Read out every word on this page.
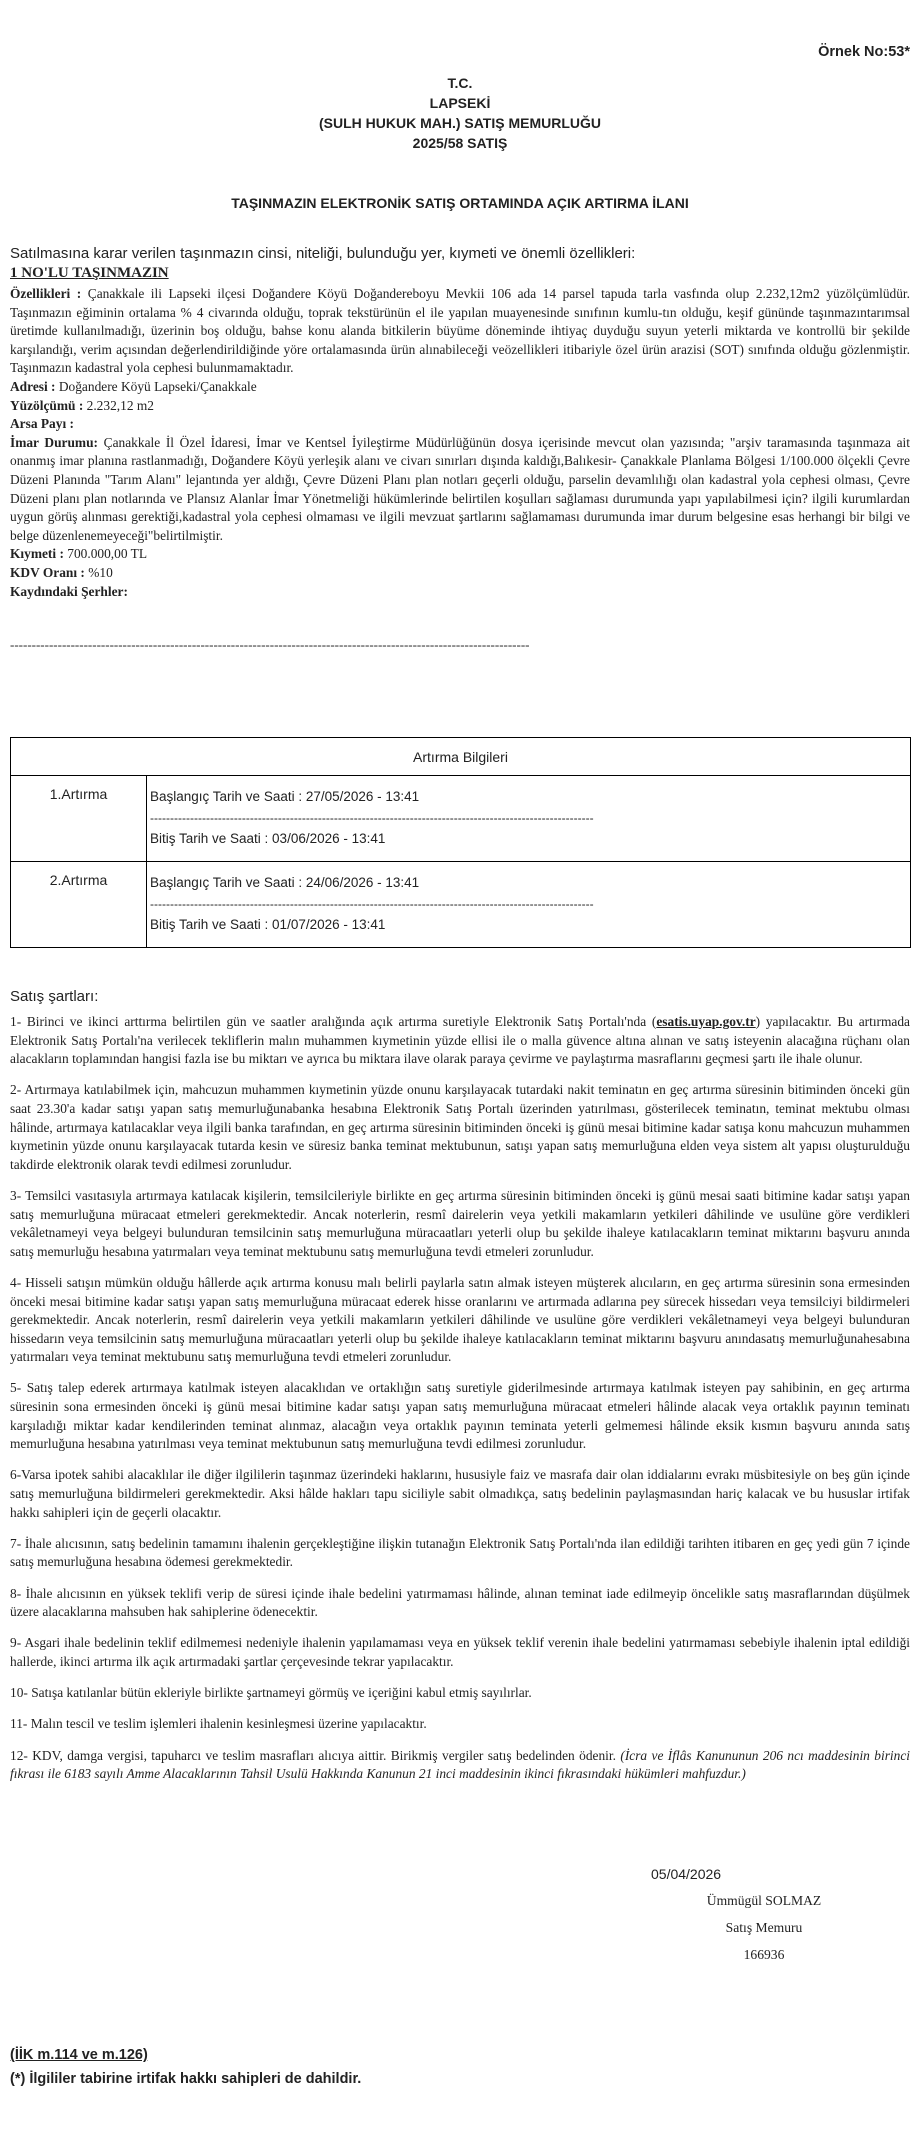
Örnek No:53*
T.C.
LAPSEKİ
(SULH HUKUK MAH.) SATIŞ MEMURLUĞU
2025/58 SATIŞ
TAŞINMAZIN ELEKTRONİK SATIŞ ORTAMINDA AÇIK ARTIRMA İLANI
Satılmasına karar verilen taşınmazın cinsi, niteliği, bulunduğu yer, kıymeti ve önemli özellikleri:
1 NO'LU TAŞINMAZIN

Özellikleri : Çanakkale ili Lapseki ilçesi Doğandere Köyü Doğandereboyu Mevkii 106 ada 14 parsel tapuda tarla vasfında olup 2.232,12m2 yüzölçümlüdür. Taşınmazın eğiminin ortalama % 4 civarında olduğu, toprak tekstürünün el ile yapılan muayenesinde sınıfının kumlu-tın olduğu, keşif gününde taşınmazıntarımsal üretimde kullanılmadığı, üzerinin boş olduğu, bahse konu alanda bitkilerin büyüme döneminde ihtiyaç duyduğu suyun yeterli miktarda ve kontrollü bir şekilde karşılandığı, verim açısından değerlendirildiğinde yöre ortalamasında ürün alınabileceği veözellikleri itibariyle özel ürün arazisi (SOT) sınıfında olduğu gözlenmiştir. Taşınmazın kadastral yola cephesi bulunmamaktadır.

Adresi : Doğandere Köyü Lapseki/Çanakkale

Yüzölçümü : 2.232,12 m2

Arsa Payı :

İmar Durumu: Çanakkale İl Özel İdaresi, İmar ve Kentsel İyileştirme Müdürlüğünün dosya içerisinde mevcut olan yazısında; "arşiv taramasında taşınmaza ait onanmış imar planına rastlanmadığı, Doğandere Köyü yerleşik alanı ve civarı sınırları dışında kaldığı,Balıkesir- Çanakkale Planlama Bölgesi 1/100.000 ölçekli Çevre Düzeni Planında "Tarım Alanı" lejantında yer aldığı, Çevre Düzeni Planı plan notları geçerli olduğu, parselin devamlılığı olan kadastral yola cephesi olması, Çevre Düzeni planı plan notlarında ve Plansız Alanlar İmar Yönetmeliği hükümlerinde belirtilen koşulları sağlaması durumunda yapı yapılabilmesi için? ilgili kurumlardan uygun görüş alınması gerektiği,kadastral yola cephesi olmaması ve ilgili mevzuat şartlarını sağlamaması durumunda imar durum belgesine esas herhangi bir bilgi ve belge düzenlenemeyeceği"belirtilmiştir.

Kıymeti : 700.000,00 TL

KDV Oranı : %10

Kaydındaki Şerhler:

------------------------------------------------------------------------------------------------------------------------
Artırma Bilgileri	
1.Artırma	Başlangıç Tarih ve Saati : 27/05/2026 - 13:41
---------------------------------------------------------------------------------------------------------------
Bitiş Tarih ve Saati : 03/06/2026 - 13:41

2.Artırma	Başlangıç Tarih ve Saati : 24/06/2026 - 13:41
---------------------------------------------------------------------------------------------------------------
Bitiş Tarih ve Saati : 01/07/2026 - 13:41
Satış şartları:

1- Birinci ve ikinci arttırma belirtilen gün ve saatler aralığında açık artırma suretiyle Elektronik Satış Portalı'nda (esatis.uyap.gov.tr) yapılacaktır. Bu artırmada Elektronik Satış Portalı'na verilecek tekliflerin malın muhammen kıymetinin yüzde ellisi ile o malla güvence altına alınan ve satış isteyenin alacağına rüçhanı olan alacakların toplamından hangisi fazla ise bu miktarı ve ayrıca bu miktara ilave olarak paraya çevirme ve paylaştırma masraflarını geçmesi şartı ile ihale olunur.

2- Artırmaya katılabilmek için, mahcuzun muhammen kıymetinin yüzde onunu karşılayacak tutardaki nakit teminatın en geç artırma süresinin bitiminden önceki gün saat 23.30'a kadar satışı yapan satış memurluğunabanka hesabına Elektronik Satış Portalı üzerinden yatırılması, gösterilecek teminatın, teminat mektubu olması hâlinde, artırmaya katılacaklar veya ilgili banka tarafından, en geç artırma süresinin bitiminden önceki iş günü mesai bitimine kadar satışa konu mahcuzun muhammen kıymetinin yüzde onunu karşılayacak tutarda kesin ve süresiz banka teminat mektubunun, satışı yapan satış memurluğuna elden veya sistem alt yapısı oluşturulduğu takdirde elektronik olarak tevdi edilmesi zorunludur.

3- Temsilci vasıtasıyla artırmaya katılacak kişilerin, temsilcileriyle birlikte en geç artırma süresinin bitiminden önceki iş günü mesai saati bitimine kadar satışı yapan satış memurluğuna müracaat etmeleri gerekmektedir. Ancak noterlerin, resmî dairelerin veya yetkili makamların yetkileri dâhilinde ve usulüne göre verdikleri vekâletnameyi veya belgeyi bulunduran temsilcinin satış memurluğuna müracaatları yeterli olup bu şekilde ihaleye katılacakların teminat miktarını başvuru anında satış memurluğu hesabına yatırmaları veya teminat mektubunu satış memurluğuna tevdi etmeleri zorunludur.

4- Hisseli satışın mümkün olduğu hâllerde açık artırma konusu malı belirli paylarla satın almak isteyen müşterek alıcıların, en geç artırma süresinin sona ermesinden önceki mesai bitimine kadar satışı yapan satış memurluğuna müracaat ederek hisse oranlarını ve artırmada adlarına pey sürecek hissedarı veya temsilciyi bildirmeleri gerekmektedir. Ancak noterlerin, resmî dairelerin veya yetkili makamların yetkileri dâhilinde ve usulüne göre verdikleri vekâletnameyi veya belgeyi bulunduran hissedarın veya temsilcinin satış memurluğuna müracaatları yeterli olup bu şekilde ihaleye katılacakların teminat miktarını başvuru anındasatış memurluğunahesabına yatırmaları veya teminat mektubunu satış memurluğuna tevdi etmeleri zorunludur.

5- Satış talep ederek artırmaya katılmak isteyen alacaklıdan ve ortaklığın satış suretiyle giderilmesinde artırmaya katılmak isteyen pay sahibinin, en geç artırma süresinin sona ermesinden önceki iş günü mesai bitimine kadar satışı yapan satış memurluğuna müracaat etmeleri hâlinde alacak veya ortaklık payının teminatı karşıladığı miktar kadar kendilerinden teminat alınmaz, alacağın veya ortaklık payının teminata yeterli gelmemesi hâlinde eksik kısmın başvuru anında satış memurluğuna hesabına yatırılması veya teminat mektubunun satış memurluğuna tevdi edilmesi zorunludur.

6-Varsa ipotek sahibi alacaklılar ile diğer ilgililerin taşınmaz üzerindeki haklarını, hususiyle faiz ve masrafa dair olan iddialarını evrakı müsbitesiyle on beş gün içinde satış memurluğuna bildirmeleri gerekmektedir. Aksi hâlde hakları tapu siciliyle sabit olmadıkça, satış bedelinin paylaşmasından hariç kalacak ve bu hususlar irtifak hakkı sahipleri için de geçerli olacaktır.

7- İhale alıcısının, satış bedelinin tamamını ihalenin gerçekleştiğine ilişkin tutanağın Elektronik Satış Portalı'nda ilan edildiği tarihten itibaren en geç yedi gün 7 içinde satış memurluğuna hesabına ödemesi gerekmektedir.

8- İhale alıcısının en yüksek teklifi verip de süresi içinde ihale bedelini yatırmaması hâlinde, alınan teminat iade edilmeyip öncelikle satış masraflarından düşülmek üzere alacaklarına mahsuben hak sahiplerine ödenecektir.

9- Asgari ihale bedelinin teklif edilmemesi nedeniyle ihalenin yapılamaması veya en yüksek teklif verenin ihale bedelini yatırmaması sebebiyle ihalenin iptal edildiği hallerde, ikinci artırma ilk açık artırmadaki şartlar çerçevesinde tekrar yapılacaktır.

10- Satışa katılanlar bütün ekleriyle birlikte şartnameyi görmüş ve içeriğini kabul etmiş sayılırlar.

11- Malın tescil ve teslim işlemleri ihalenin kesinleşmesi üzerine yapılacaktır.

12- KDV, damga vergisi, tapuharcı ve teslim masrafları alıcıya aittir. Birikmiş vergiler satış bedelinden ödenir. (İcra ve İflâs Kanununun 206 ncı maddesinin birinci fıkrası ile 6183 sayılı Amme Alacaklarının Tahsil Usulü Hakkında Kanunun 21 inci maddesinin ikinci fıkrasındaki hükümleri mahfuzdur.)

05/04/2026
Ümmügül SOLMAZ
Satış Memuru
166936
(İİK m.114 ve m.126)
(*) İlgililer tabirine irtifak hakkı sahipleri de dahildir.
